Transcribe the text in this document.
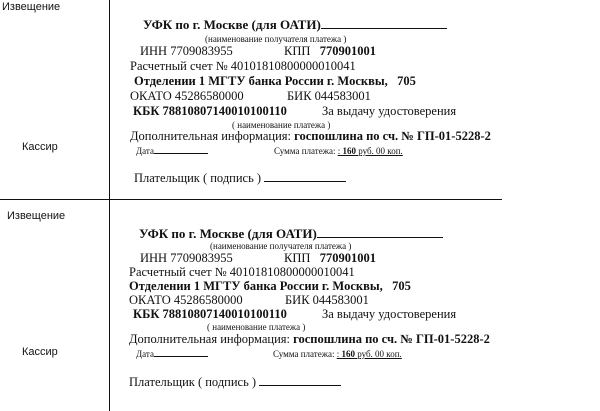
Извещение
Кассир
УФК по г. Москве (для ОАТИ)
(наименование получателя платежа )
ИНН 7709083955	КПП 770901001
Расчетный счет № 40101810800000010041
Отделении 1 МГТУ банка России г. Москвы, 705
ОКАТО 45286580000	БИК 044583001
КБК 78810807140010100110	За выдачу удостоверения
( наименование платежа )
Дополнительная информация: госпошлина по сч. № ГП-01-5228-2
Дата	Сумма платежа: : 160 руб. 00 коп.
Плательщик ( подпись )
Извещение
Кассир
УФК по г. Москве (для ОАТИ)
(наименование получателя платежа )
ИНН 7709083955	КПП 770901001
Расчетный счет № 40101810800000010041
Отделении 1 МГТУ банка России г. Москвы, 705
ОКАТО 45286580000	БИК 044583001
КБК 78810807140010100110	За выдачу удостоверения
( наименование платежа )
Дополнительная информация: госпошлина по сч. № ГП-01-5228-2
Дата	Сумма платежа: : 160 руб. 00 коп.
Плательщик ( подпись )
